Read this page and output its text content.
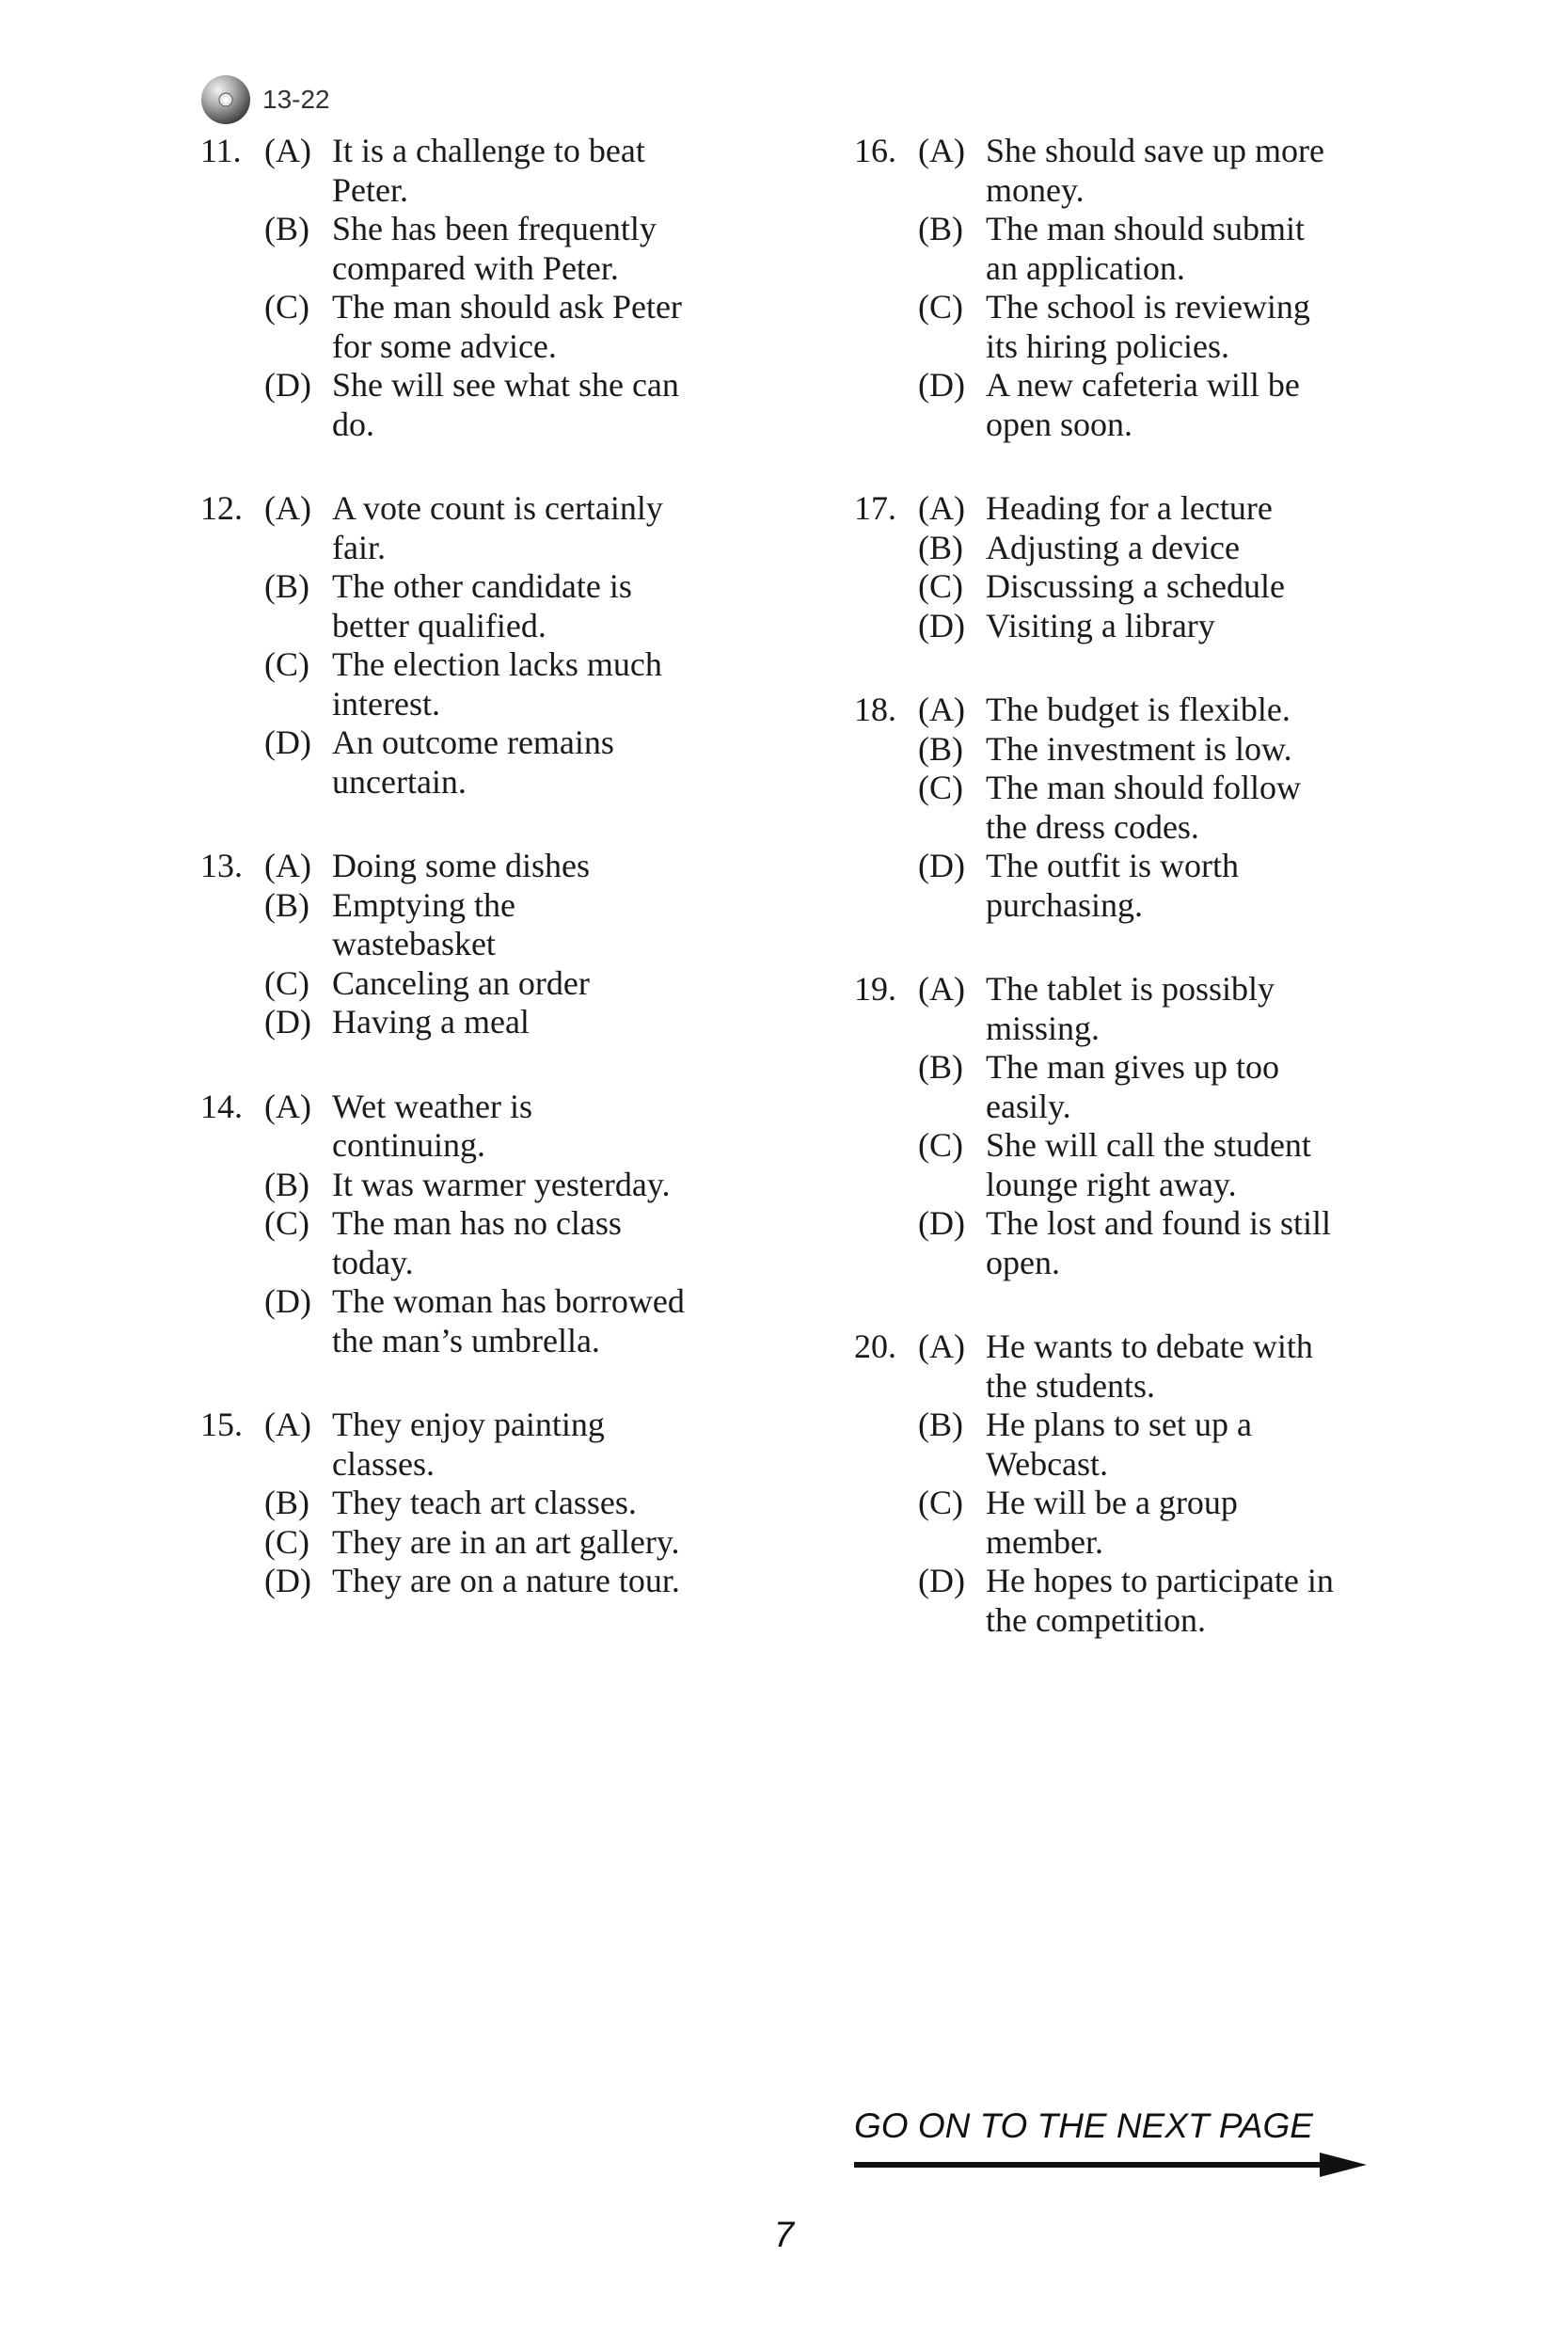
13-22
11. (A) It is a challenge to beat
Peter.
(B) She has been frequently
compared with Peter.
(C) The man should ask Peter
for some advice.
(D) She will see what she can
do.
12. (A) A vote count is certainly
fair.
(B) The other candidate is
better qualified.
(C) The election lacks much
interest.
(D) An outcome remains
uncertain.
13. (A) Doing some dishes
(B) Emptying the
wastebasket
(C) Canceling an order
(D) Having a meal
14. (A) Wet weather is
continuing.
(B) It was warmer yesterday.
(C) The man has no class
today.
(D) The woman has borrowed
the man’s umbrella.
15. (A) They enjoy painting
classes.
(B) They teach art classes.
(C) They are in an art gallery.
(D) They are on a nature tour.
16. (A) She should save up more
money.
(B) The man should submit
an application.
(C) The school is reviewing
its hiring policies.
(D) A new cafeteria will be
open soon.
17. (A) Heading for a lecture
(B) Adjusting a device
(C) Discussing a schedule
(D) Visiting a library
18. (A) The budget is flexible.
(B) The investment is low.
(C) The man should follow
the dress codes.
(D) The outfit is worth
purchasing.
19. (A) The tablet is possibly
missing.
(B) The man gives up too
easily.
(C) She will call the student
lounge right away.
(D) The lost and found is still
open.
20. (A) He wants to debate with
the students.
(B) He plans to set up a
Webcast.
(C) He will be a group
member.
(D) He hopes to participate in
the competition.
GO ON TO THE NEXT PAGE
7
